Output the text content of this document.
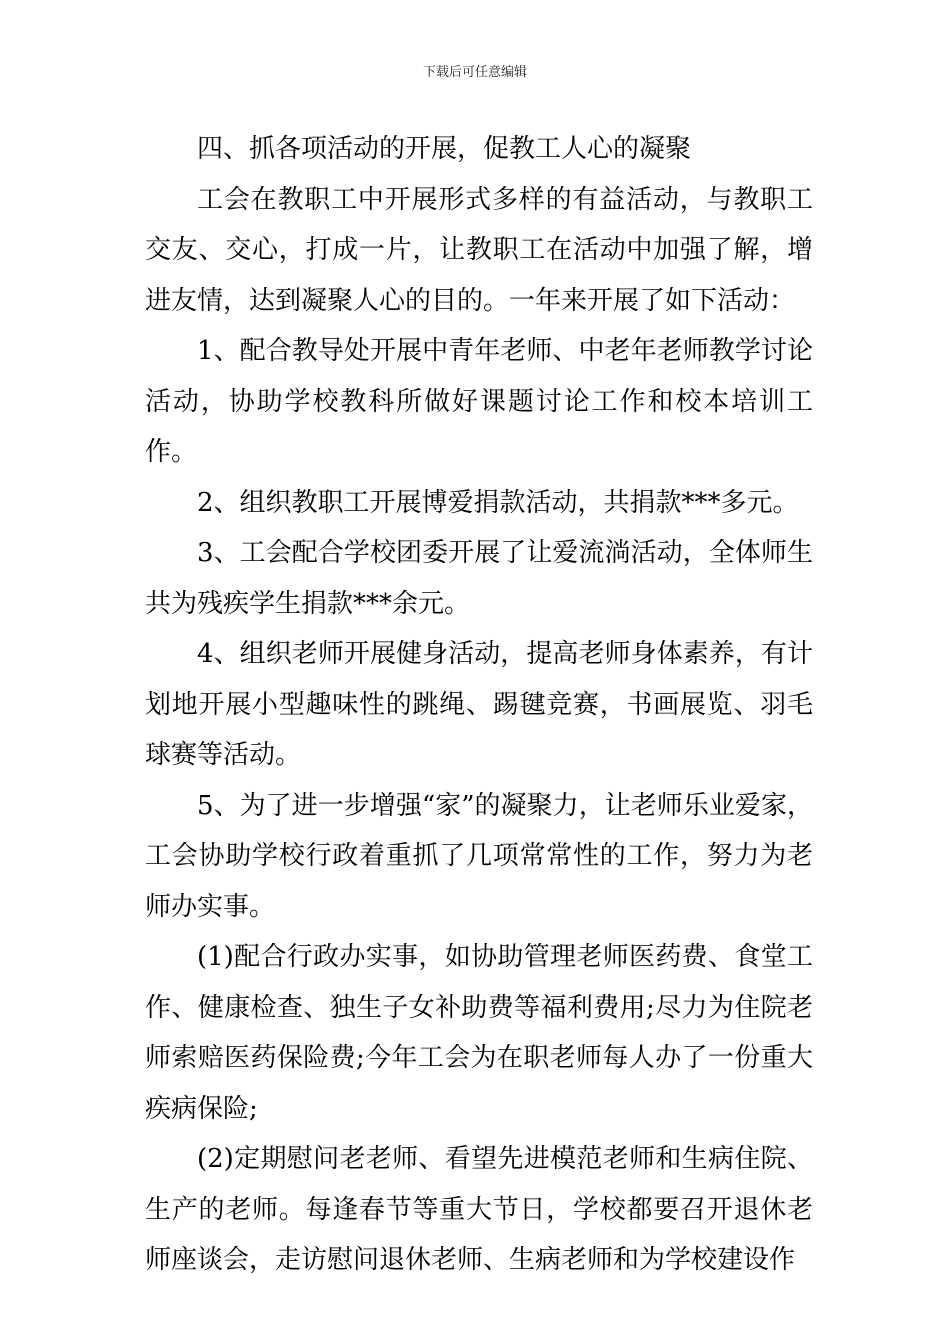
下载后可任意编辑

四、抓各项活动的开展，促教工人心的凝聚

工会在教职工中开展形式多样的有益活动，与教职工交友、交心，打成一片，让教职工在活动中加强了解，增进友情，达到凝聚人心的目的。一年来开展了如下活动：

1、配合教导处开展中青年老师、中老年老师教学讨论活动，协助学校教科所做好课题讨论工作和校本培训工作。

2、组织教职工开展博爱捐款活动，共捐款***多元。

3、工会配合学校团委开展了让爱流淌活动，全体师生共为残疾学生捐款***余元。

4、组织老师开展健身活动，提高老师身体素养，有计划地开展小型趣味性的跳绳、踢毽竞赛，书画展览、羽毛球赛等活动。

5、为了进一步增强“家”的凝聚力，让老师乐业爱家，工会协助学校行政着重抓了几项常常性的工作，努力为老师办实事。

(1)配合行政办实事，如协助管理老师医药费、食堂工作、健康检查、独生子女补助费等福利费用;尽力为住院老师索赔医药保险费;今年工会为在职老师每人办了一份重大疾病保险;

(2)定期慰问老老师、看望先进模范老师和生病住院、生产的老师。每逢春节等重大节日，学校都要召开退休老师座谈会，走访慰问退休老师、生病老师和为学校建设作
